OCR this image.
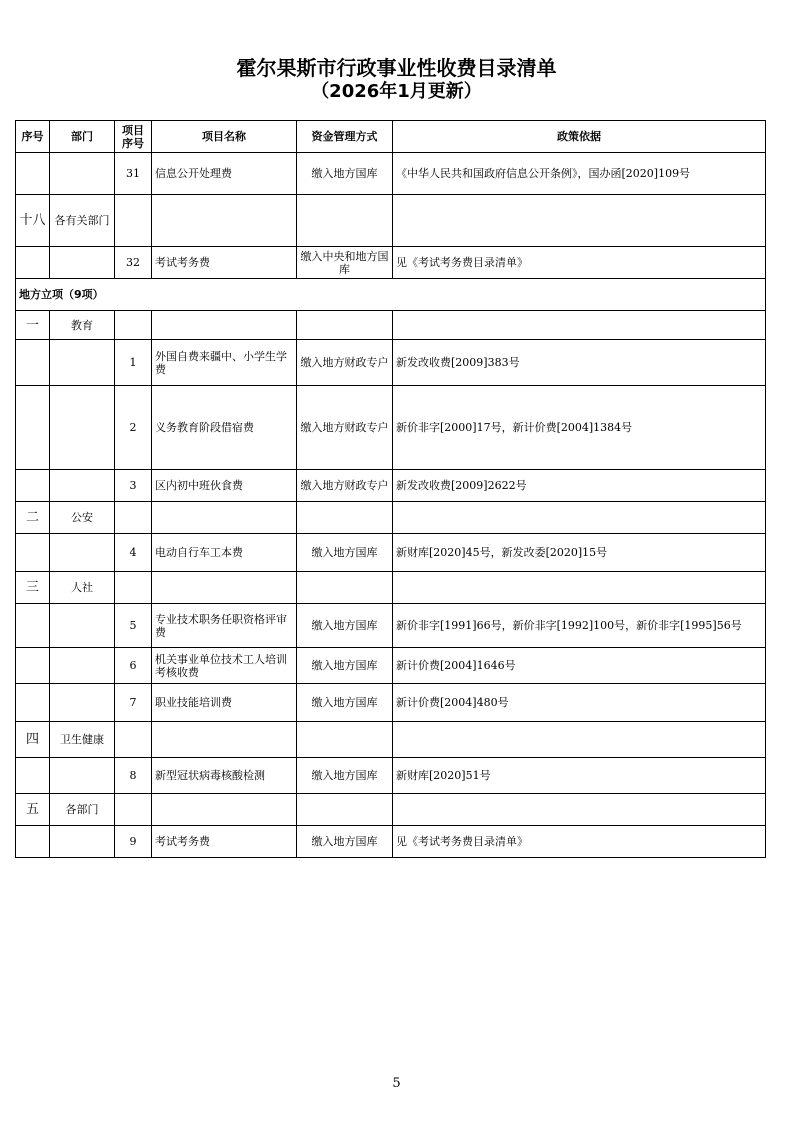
霍尔果斯市行政事业性收费目录清单
（2026年1月更新）
序号	部门	项目序号	项目名称	资金管理方式	政策依据
		31	信息公开处理费	缴入地方国库	《中华人民共和国政府信息公开条例》，国办函[2020]109号
十八	各有关部门				
		32	考试考务费	缴入中央和地方国库	见《考试考务费目录清单》
地方立项（9项）					
一	教育				
		1	外国自费来疆中、小学生学费	缴入地方财政专户	新发改收费[2009]383号
		2	义务教育阶段借宿费	缴入地方财政专户	新价非字[2000]17号，新计价费[2004]1384号
		3	区内初中班伙食费	缴入地方财政专户	新发改收费[2009]2622号
二	公安				
		4	电动自行车工本费	缴入地方国库	新财库[2020]45号，新发改委[2020]15号
三	人社				
		5	专业技术职务任职资格评审费	缴入地方国库	新价非字[1991]66号，新价非字[1992]100号，新价非字[1995]56号
		6	机关事业单位技术工人培训考核收费	缴入地方国库	新计价费[2004]1646号
		7	职业技能培训费	缴入地方国库	新计价费[2004]480号
四	卫生健康				
		8	新型冠状病毒核酸检测	缴入地方国库	新财库[2020]51号
五	各部门				
		9	考试考务费	缴入地方国库	见《考试考务费目录清单》
5
